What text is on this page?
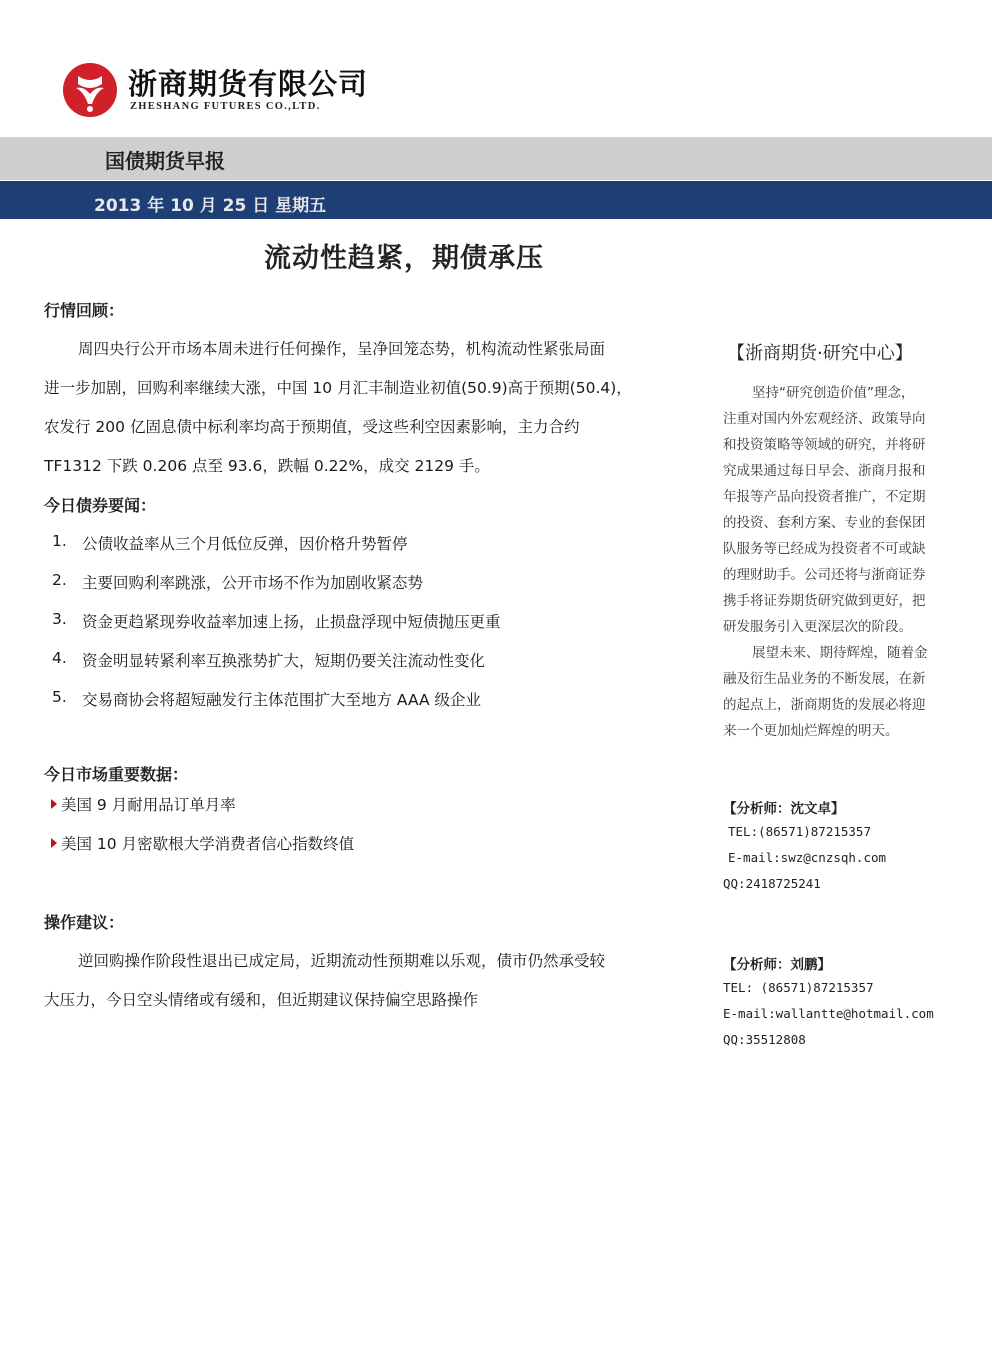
浙商期货有限公司
ZHESHANG FUTURES CO.,LTD.
国债期货早报
2013 年 10 月 25 日 星期五
流动性趋紧，期债承压
行情回顾：
周四央行公开市场本周未进行任何操作，呈净回笼态势，机构流动性紧张局面
进一步加剧，回购利率继续大涨，中国 10 月汇丰制造业初值(50.9)高于预期(50.4)，
农发行 200 亿固息债中标利率均高于预期值，受这些利空因素影响，主力合约
TF1312 下跌 0.206 点至 93.6，跌幅 0.22%，成交 2129 手。
今日债券要闻：
1. 公债收益率从三个月低位反弹，因价格升势暂停
2. 主要回购利率跳涨，公开市场不作为加剧收紧态势
3. 资金更趋紧现券收益率加速上扬，止损盘浮现中短债抛压更重
4. 资金明显转紧利率互换涨势扩大，短期仍要关注流动性变化
5. 交易商协会将超短融发行主体范围扩大至地方 AAA 级企业
今日市场重要数据：
美国 9 月耐用品订单月率
美国 10 月密歇根大学消费者信心指数终值
操作建议：
逆回购操作阶段性退出已成定局，近期流动性预期难以乐观，债市仍然承受较
大压力，今日空头情绪或有缓和，但近期建议保持偏空思路操作
【浙商期货·研究中心】
坚持“研究创造价值”理念，
注重对国内外宏观经济、政策导向
和投资策略等领域的研究，并将研
究成果通过每日早会、浙商月报和
年报等产品向投资者推广，不定期
的投资、套利方案、专业的套保团
队服务等已经成为投资者不可或缺
的理财助手。公司还将与浙商证券
携手将证券期货研究做到更好，把
研发服务引入更深层次的阶段。
展望未来、期待辉煌，随着金
融及衍生品业务的不断发展，在新
的起点上，浙商期货的发展必将迎
来一个更加灿烂辉煌的明天。
【分析师：沈文卓】
TEL:(86571)87215357
E-mail:swz@cnzsqh.com
QQ:2418725241
【分析师：刘鹏】
TEL: (86571)87215357
E-mail:wallantte@hotmail.com
QQ:35512808
